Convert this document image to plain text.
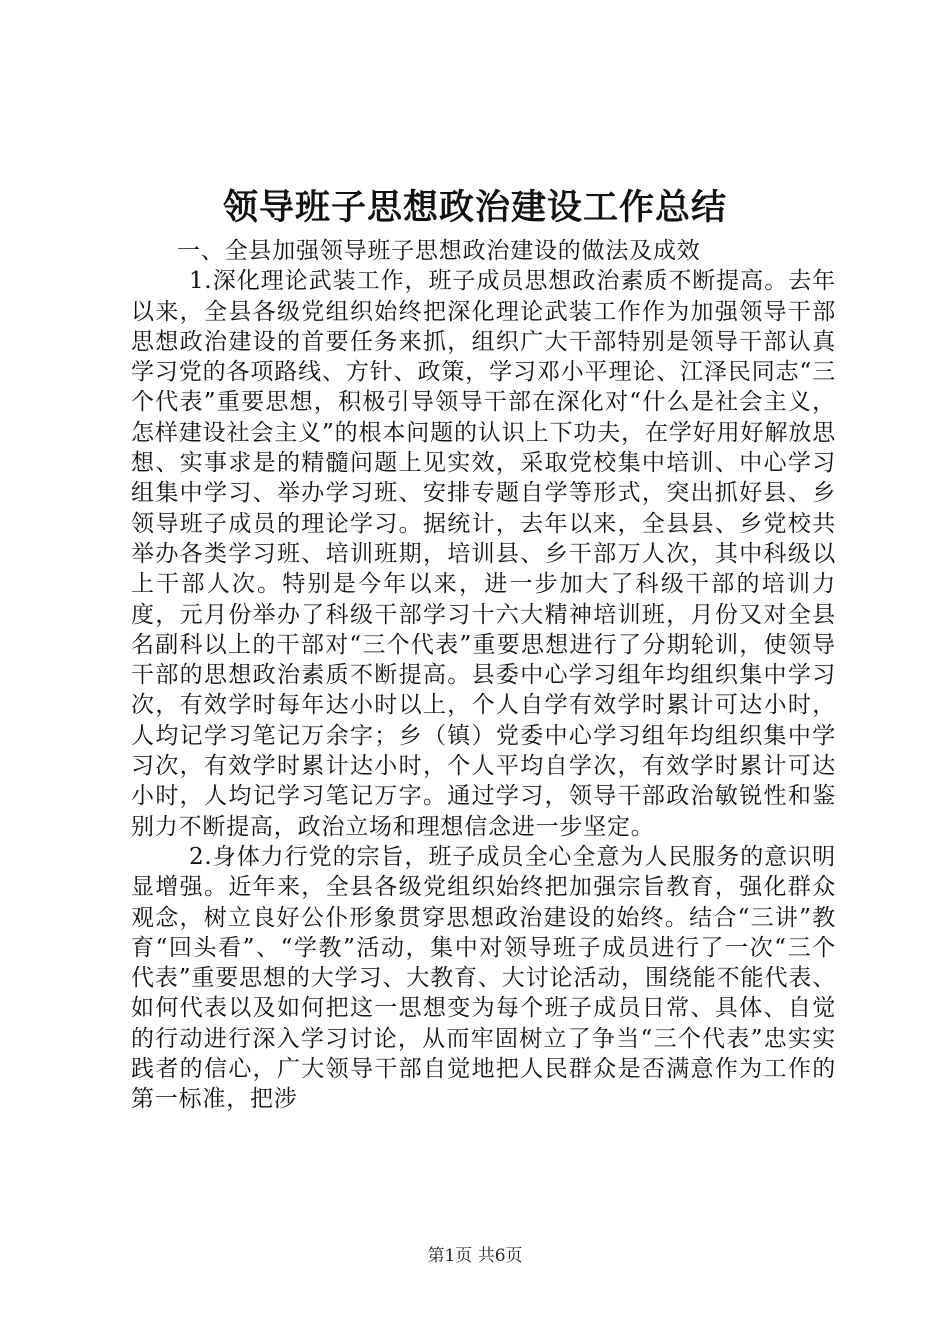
领导班子思想政治建设工作总结

一、全县加强领导班子思想政治建设的做法及成效

1.深化理论武装工作，班子成员思想政治素质不断提高。去年以来，全县各级党组织始终把深化理论武装工作作为加强领导干部思想政治建设的首要任务来抓，组织广大干部特别是领导干部认真学习党的各项路线、方针、政策，学习邓小平理论、江泽民同志“三个代表”重要思想，积极引导领导干部在深化对“什么是社会主义，怎样建设社会主义”的根本问题的认识上下功夫，在学好用好解放思想、实事求是的精髓问题上见实效，采取党校集中培训、中心学习组集中学习、举办学习班、安排专题自学等形式，突出抓好县、乡领导班子成员的理论学习。据统计，去年以来，全县县、乡党校共举办各类学习班、培训班期，培训县、乡干部万人次，其中科级以上干部人次。特别是今年以来，进一步加大了科级干部的培训力度，元月份举办了科级干部学习十六大精神培训班，月份又对全县名副科以上的干部对“三个代表”重要思想进行了分期轮训，使领导干部的思想政治素质不断提高。县委中心学习组年均组织集中学习次，有效学时每年达小时以上，个人自学有效学时累计可达小时，人均记学习笔记万余字；乡（镇）党委中心学习组年均组织集中学习次，有效学时累计达小时，个人平均自学次，有效学时累计可达小时，人均记学习笔记万字。通过学习，领导干部政治敏锐性和鉴别力不断提高，政治立场和理想信念进一步坚定。

2.身体力行党的宗旨，班子成员全心全意为人民服务的意识明显增强。近年来，全县各级党组织始终把加强宗旨教育，强化群众观念，树立良好公仆形象贯穿思想政治建设的始终。结合“三讲”教育“回头看”、“学教”活动，集中对领导班子成员进行了一次“三个代表”重要思想的大学习、大教育、大讨论活动，围绕能不能代表、如何代表以及如何把这一思想变为每个班子成员日常、具体、自觉的行动进行深入学习讨论，从而牢固树立了争当“三个代表”忠实实践者的信心，广大领导干部自觉地把人民群众是否满意作为工作的第一标准，把涉

第1页 共6页
